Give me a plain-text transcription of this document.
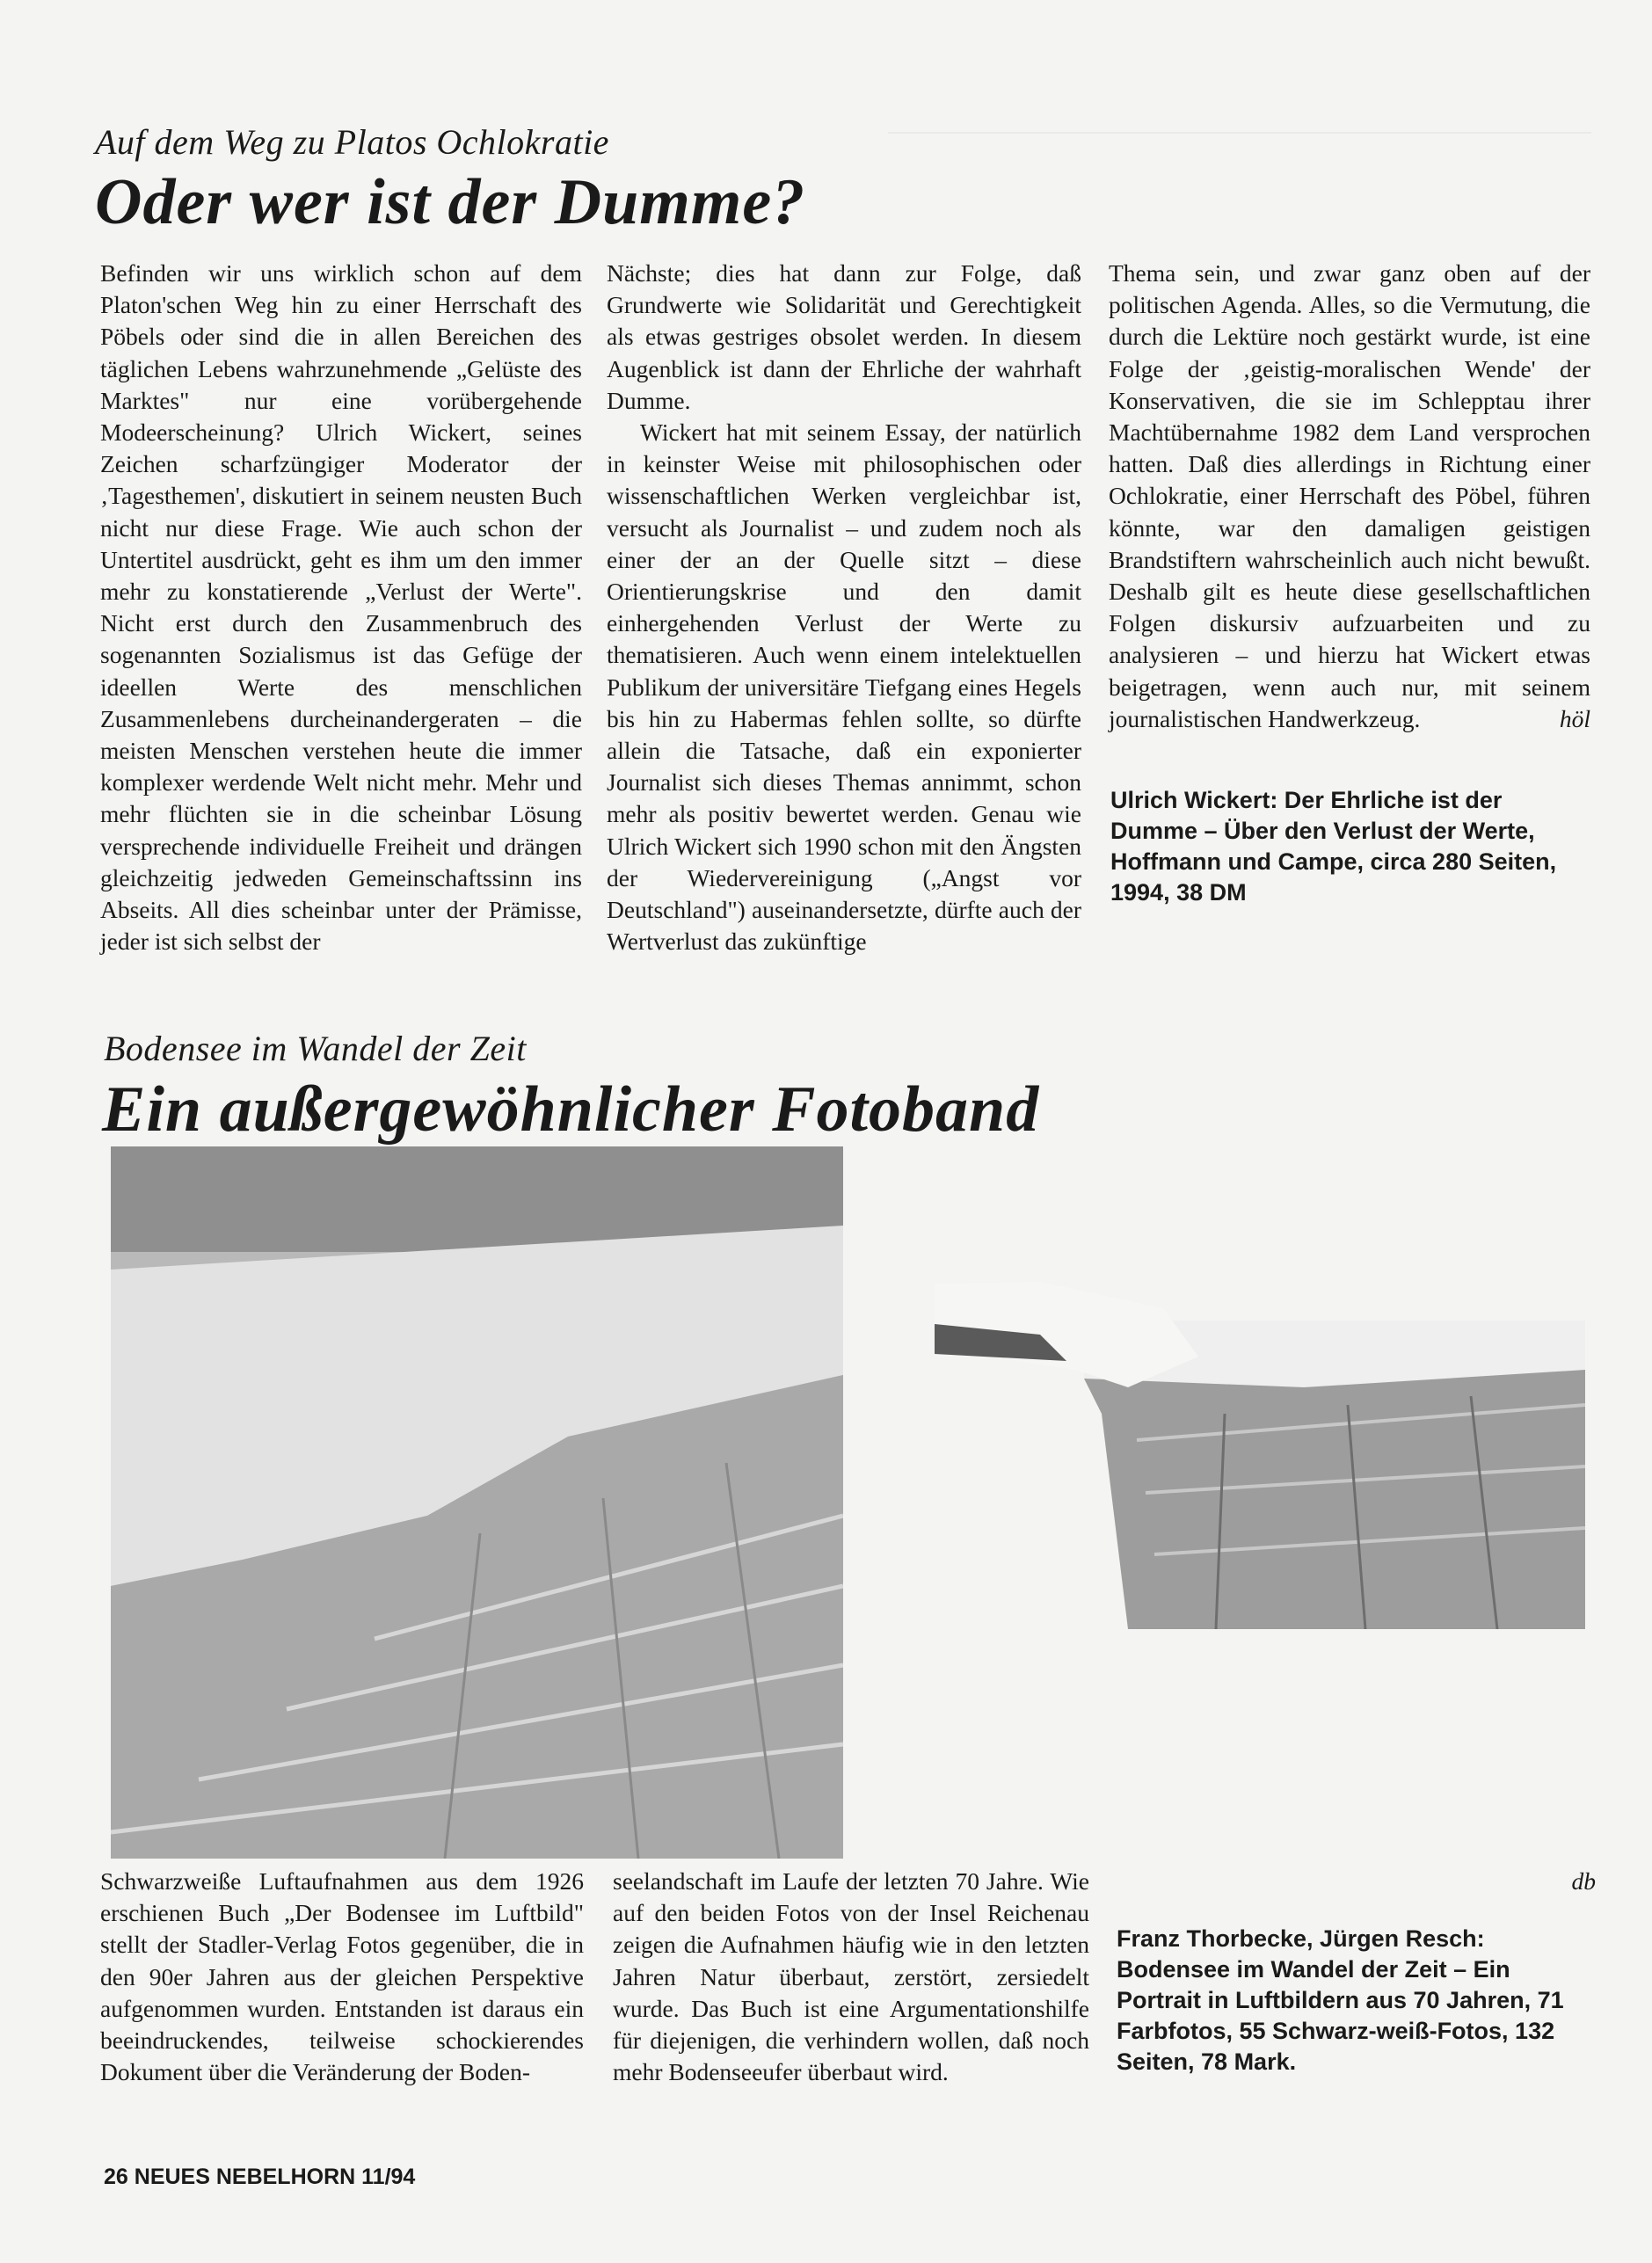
Auf dem Weg zu Platos Ochlokratie
Oder wer ist der Dumme?

Befinden wir uns wirklich schon auf dem Platon'schen Weg hin zu einer Herrschaft des Pöbels oder sind die in allen Bereichen des täglichen Lebens wahrzunehmende „Gelüste des Marktes" nur eine vorübergehende Modeerscheinung? Ulrich Wickert, seines Zeichen scharfzüngiger Moderator der ‚Tagesthemen', diskutiert in seinem neusten Buch nicht nur diese Frage. Wie auch schon der Untertitel ausdrückt, geht es ihm um den immer mehr zu konstatierende „Verlust der Werte". Nicht erst durch den Zusammenbruch des sogenannten Sozialismus ist das Gefüge der ideellen Werte des menschlichen Zusammenlebens durcheinandergeraten – die meisten Menschen verstehen heute die immer komplexer werdende Welt nicht mehr. Mehr und mehr flüchten sie in die scheinbar Lösung versprechende individuelle Freiheit und drängen gleichzeitig jedweden Gemeinschaftssinn ins Abseits. All dies scheinbar unter der Prämisse, jeder ist sich selbst der

Nächste; dies hat dann zur Folge, daß Grundwerte wie Solidarität und Gerechtigkeit als etwas gestriges obsolet werden. In diesem Augenblick ist dann der Ehrliche der wahrhaft Dumme.

Wickert hat mit seinem Essay, der natürlich in keinster Weise mit philosophischen oder wissenschaftlichen Werken vergleichbar ist, versucht als Journalist – und zudem noch als einer der an der Quelle sitzt – diese Orientierungskrise und den damit einhergehenden Verlust der Werte zu thematisieren. Auch wenn einem intelektuellen Publikum der universitäre Tiefgang eines Hegels bis hin zu Habermas fehlen sollte, so dürfte allein die Tatsache, daß ein exponierter Journalist sich dieses Themas annimmt, schon mehr als positiv bewertet werden. Genau wie Ulrich Wickert sich 1990 schon mit den Ängsten der Wiedervereinigung („Angst vor Deutschland") auseinandersetzte, dürfte auch der Wertverlust das zukünftige

Thema sein, und zwar ganz oben auf der politischen Agenda. Alles, so die Vermutung, die durch die Lektüre noch gestärkt wurde, ist eine Folge der ‚geistig-moralischen Wende' der Konservativen, die sie im Schlepptau ihrer Machtübernahme 1982 dem Land versprochen hatten. Daß dies allerdings in Richtung einer Ochlokratie, einer Herrschaft des Pöbel, führen könnte, war den damaligen geistigen Brandstiftern wahrscheinlich auch nicht bewußt. Deshalb gilt es heute diese gesellschaftlichen Folgen diskursiv aufzuarbeiten und zu analysieren – und hierzu hat Wickert etwas beigetragen, wenn auch nur, mit seinem journalistischen Handwerkzeug.	höl
Ulrich Wickert: Der Ehrliche ist der Dumme – Über den Verlust der Werte, Hoffmann und Campe, circa 280 Seiten, 1994, 38 DM
Bodensee im Wandel der Zeit
Ein außergewöhnlicher Fotoband

Schwarzweiße Luftaufnahmen aus dem 1926 erschienen Buch „Der Bodensee im Luftbild" stellt der Stadler-Verlag Fotos gegenüber, die in den 90er Jahren aus der gleichen Perspektive aufgenommen wurden. Entstanden ist daraus ein beeindruckendes, teilweise schockierendes Dokument über die Veränderung der Boden-

seelandschaft im Laufe der letzten 70 Jahre. Wie auf den beiden Fotos von der Insel Reichenau zeigen die Aufnahmen häufig wie in den letzten Jahren Natur überbaut, zerstört, zersiedelt wurde. Das Buch ist eine Argumentationshilfe für diejenigen, die verhindern wollen, daß noch mehr Bodenseeufer überbaut wird.

db
Franz Thorbecke, Jürgen Resch: Bodensee im Wandel der Zeit – Ein Portrait in Luftbildern aus 70 Jahren, 71 Farbfotos, 55 Schwarz-weiß-Fotos, 132 Seiten, 78 Mark.
26 NEUES NEBELHORN 11/94
